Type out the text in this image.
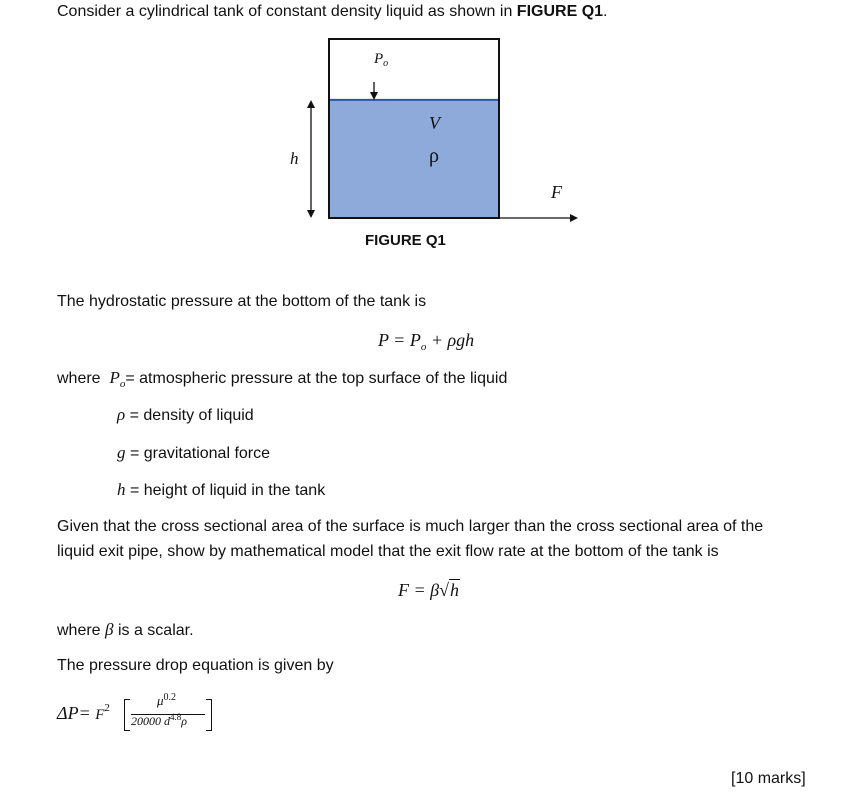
Consider a cylindrical tank of constant density liquid as shown in FIGURE Q1.
$P_o$
V
ρ
h
F
FIGURE Q1
The hydrostatic pressure at the bottom of the tank is
$P = P_o + \rho gh$
where $P_o=$ atmospheric pressure at the top surface of the liquid
ρ = density of liquid
g = gravitational force
h = height of liquid in the tank
Given that the cross sectional area of the surface is much larger than the cross sectional area of the
liquid exit pipe, show by mathematical model that the exit flow rate at the bottom of the tank is
F = β√h
where β is a scalar.
The pressure drop equation is given by
$\Delta P= F^2$	$\mu^{0.2}$
20000 $d^{4.8}\rho$
[10 marks]
